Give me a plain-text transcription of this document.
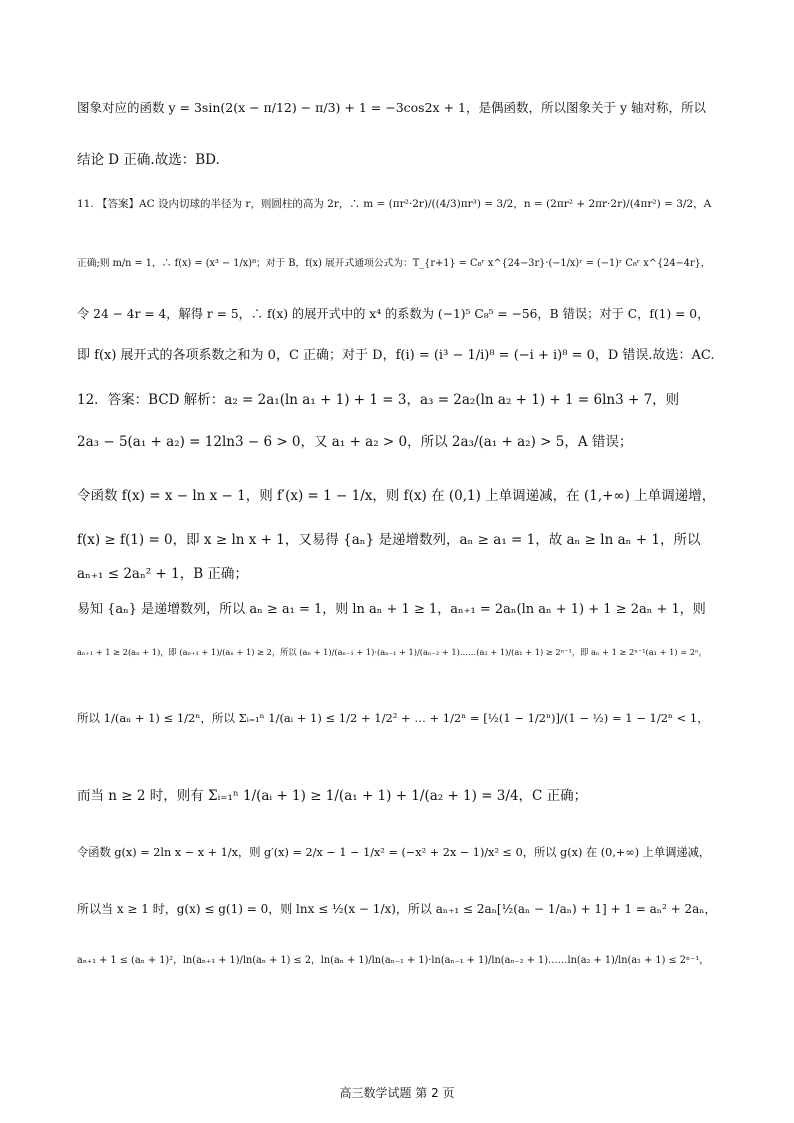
图象对应的函数 y = 3sin(2(x − π/12) − π/3) + 1 = −3cos2x + 1，是偶函数，所以图象关于 y 轴对称，所以
结论 D 正确.故选：BD.
11. 【答案】AC 设内切球的半径为 r，则圆柱的高为 2r，∴ m = (πr²·2r)/((4/3)πr³) = 3/2，n = (2πr² + 2πr·2r)/(4πr²) = 3/2，A
正确;则 m/n = 1，∴ f(x) = (x³ − 1/x)⁸；对于 B，f(x) 展开式通项公式为：T_{r+1} = C₈ʳ x^{24−3r}·(−1/x)ʳ = (−1)ʳ C₈ʳ x^{24−4r}，
令 24 − 4r = 4，解得 r = 5，∴ f(x) 的展开式中的 x⁴ 的系数为 (−1)⁵ C₈⁵ = −56，B 错误；对于 C，f(1) = 0，
即 f(x) 展开式的各项系数之和为 0，C 正确；对于 D，f(i) = (i³ − 1/i)⁸ = (−i + i)⁸ = 0，D 错误.故选：AC.
12．答案：BCD 解析：a₂ = 2a₁(ln a₁ + 1) + 1 = 3，a₃ = 2a₂(ln a₂ + 1) + 1 = 6ln3 + 7，则
2a₃ − 5(a₁ + a₂) = 12ln3 − 6 > 0，又 a₁ + a₂ > 0，所以 2a₃/(a₁ + a₂) > 5，A 错误；
令函数 f(x) = x − ln x − 1，则 f′(x) = 1 − 1/x，则 f(x) 在 (0,1) 上单调递减，在 (1,+∞) 上单调递增，
f(x) ≥ f(1) = 0，即 x ≥ ln x + 1，又易得 {aₙ} 是递增数列，aₙ ≥ a₁ = 1，故 aₙ ≥ ln aₙ + 1，所以
aₙ₊₁ ≤ 2aₙ² + 1，B 正确；
易知 {aₙ} 是递增数列，所以 aₙ ≥ a₁ = 1，则 ln aₙ + 1 ≥ 1，aₙ₊₁ = 2aₙ(ln aₙ + 1) + 1 ≥ 2aₙ + 1，则
aₙ₊₁ + 1 ≥ 2(aₙ + 1)，即 (aₙ₊₁ + 1)/(aₙ + 1) ≥ 2，所以 (aₙ + 1)/(aₙ₋₁ + 1)·(aₙ₋₁ + 1)/(aₙ₋₂ + 1)……(a₂ + 1)/(a₁ + 1) ≥ 2ⁿ⁻¹，即 aₙ + 1 ≥ 2ⁿ⁻¹(a₁ + 1) = 2ⁿ，
所以 1/(aₙ + 1) ≤ 1/2ⁿ，所以 Σᵢ₌₁ⁿ 1/(aᵢ + 1) ≤ 1/2 + 1/2² + … + 1/2ⁿ = [½(1 − 1/2ⁿ)]/(1 − ½) = 1 − 1/2ⁿ < 1，
而当 n ≥ 2 时，则有 Σᵢ₌₁ⁿ 1/(aᵢ + 1) ≥ 1/(a₁ + 1) + 1/(a₂ + 1) = 3/4，C 正确；
令函数 g(x) = 2ln x − x + 1/x，则 g′(x) = 2/x − 1 − 1/x² = (−x² + 2x − 1)/x² ≤ 0，所以 g(x) 在 (0,+∞) 上单调递减，
所以当 x ≥ 1 时，g(x) ≤ g(1) = 0，则 lnx ≤ ½(x − 1/x)，所以 aₙ₊₁ ≤ 2aₙ[½(aₙ − 1/aₙ) + 1] + 1 = aₙ² + 2aₙ，
aₙ₊₁ + 1 ≤ (aₙ + 1)²，ln(aₙ₊₁ + 1)/ln(aₙ + 1) ≤ 2，ln(aₙ + 1)/ln(aₙ₋₁ + 1)·ln(aₙ₋₁ + 1)/ln(aₙ₋₂ + 1)……ln(a₂ + 1)/ln(a₁ + 1) ≤ 2ⁿ⁻¹，
高三数学试题 第 2 页
